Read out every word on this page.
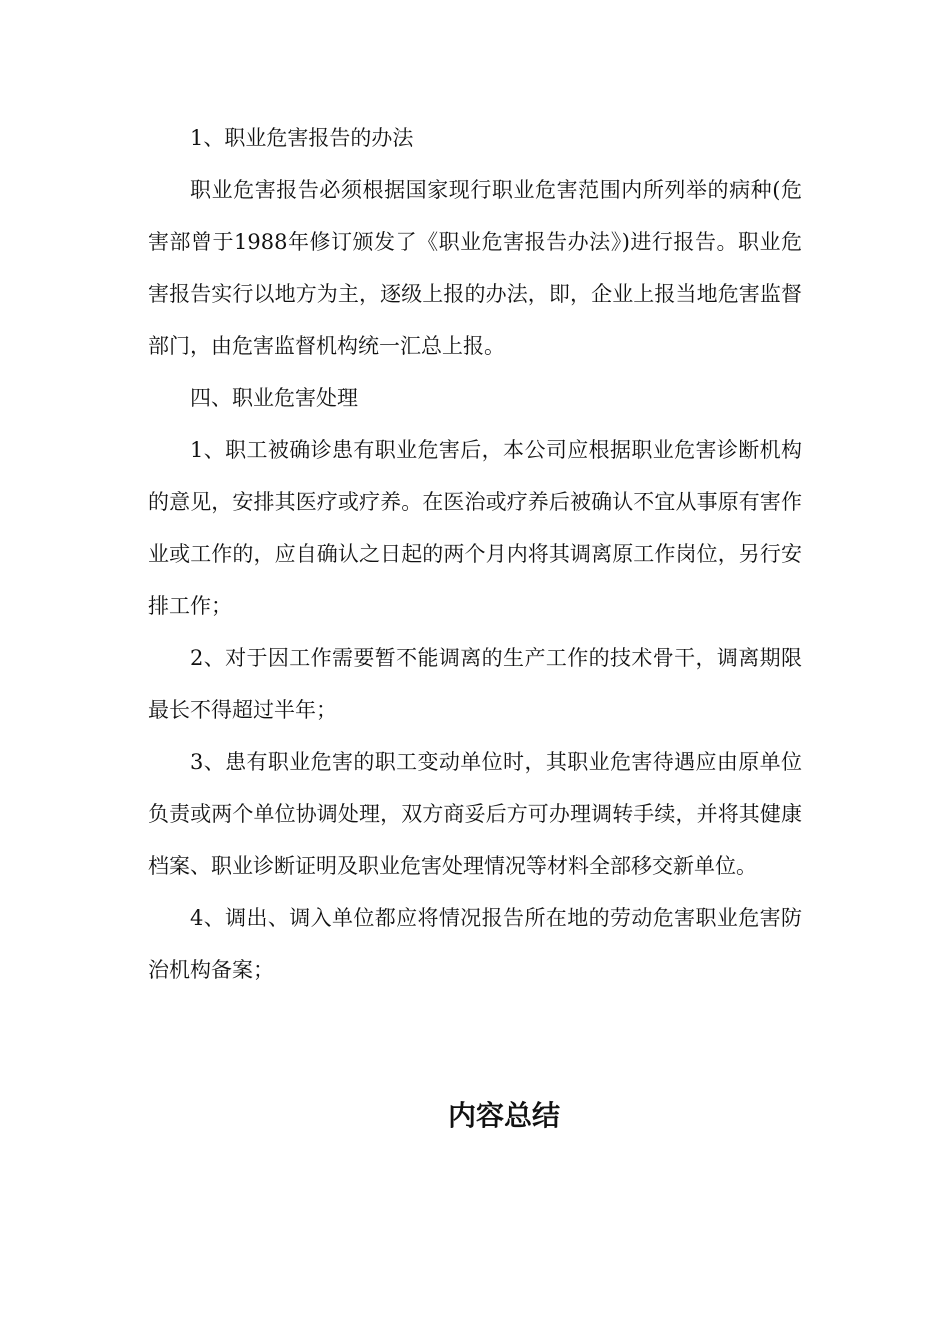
1、职业危害报告的办法

职业危害报告必须根据国家现行职业危害范围内所列举的病种(危害部曾于1988年修订颁发了《职业危害报告办法》)进行报告。职业危害报告实行以地方为主，逐级上报的办法，即，企业上报当地危害监督部门，由危害监督机构统一汇总上报。

四、职业危害处理

1、职工被确诊患有职业危害后，本公司应根据职业危害诊断机构的意见，安排其医疗或疗养。在医治或疗养后被确认不宜从事原有害作业或工作的，应自确认之日起的两个月内将其调离原工作岗位，另行安排工作；

2、对于因工作需要暂不能调离的生产工作的技术骨干，调离期限最长不得超过半年；

3、患有职业危害的职工变动单位时，其职业危害待遇应由原单位负责或两个单位协调处理，双方商妥后方可办理调转手续，并将其健康档案、职业诊断证明及职业危害处理情况等材料全部移交新单位。

4、调出、调入单位都应将情况报告所在地的劳动危害职业危害防治机构备案；

内容总结
